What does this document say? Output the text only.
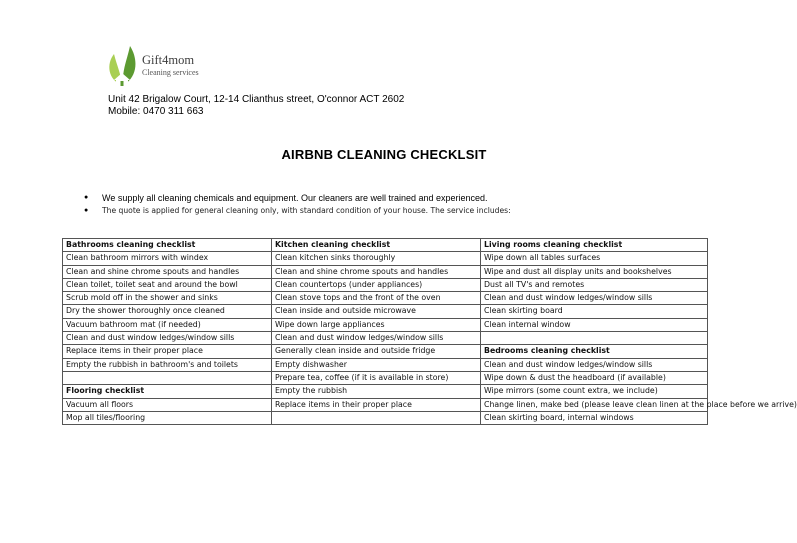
Gift4mom
Cleaning services
Unit 42 Brigalow Court, 12-14 Clianthus street, O'connor ACT 2602
Mobile: 0470 311 663
AIRBNB CLEANING CHECKLSIT
●	We supply all cleaning chemicals and equipment. Our cleaners are well trained and experienced.
●	The quote is applied for general cleaning only, with standard condition of your house. The service includes:
Bathrooms cleaning checklist	Kitchen cleaning checklist	Living rooms cleaning checklist
Clean bathroom mirrors with windex	Clean kitchen sinks thoroughly	Wipe down all tables surfaces
Clean and shine chrome spouts and handles	Clean and shine chrome spouts and handles	Wipe and dust all display units and bookshelves
Clean toilet, toilet seat and around the bowl	Clean countertops (under appliances)	Dust all TV's and remotes
Scrub mold off in the shower and sinks	Clean stove tops and the front of the oven	Clean and dust window ledges/window sills
Dry the shower thoroughly once cleaned	Clean inside and outside microwave	Clean skirting board
Vacuum bathroom mat (if needed)	Wipe down large appliances	Clean internal window
Clean and dust window ledges/window sills	Clean and dust window ledges/window sills	
Replace items in their proper place	Generally clean inside and outside fridge	Bedrooms cleaning checklist
Empty the rubbish in bathroom's and toilets	Empty dishwasher	Clean and dust window ledges/window sills
	Prepare tea, coffee (if it is available in store)	Wipe down & dust the headboard (if available)
Flooring checklist	Empty the rubbish	Wipe mirrors (some count extra, we include)
Vacuum all floors	Replace items in their proper place	Change linen, make bed (please leave clean linen at the place before we arrive)
Mop all tiles/flooring		Clean skirting board, internal windows
